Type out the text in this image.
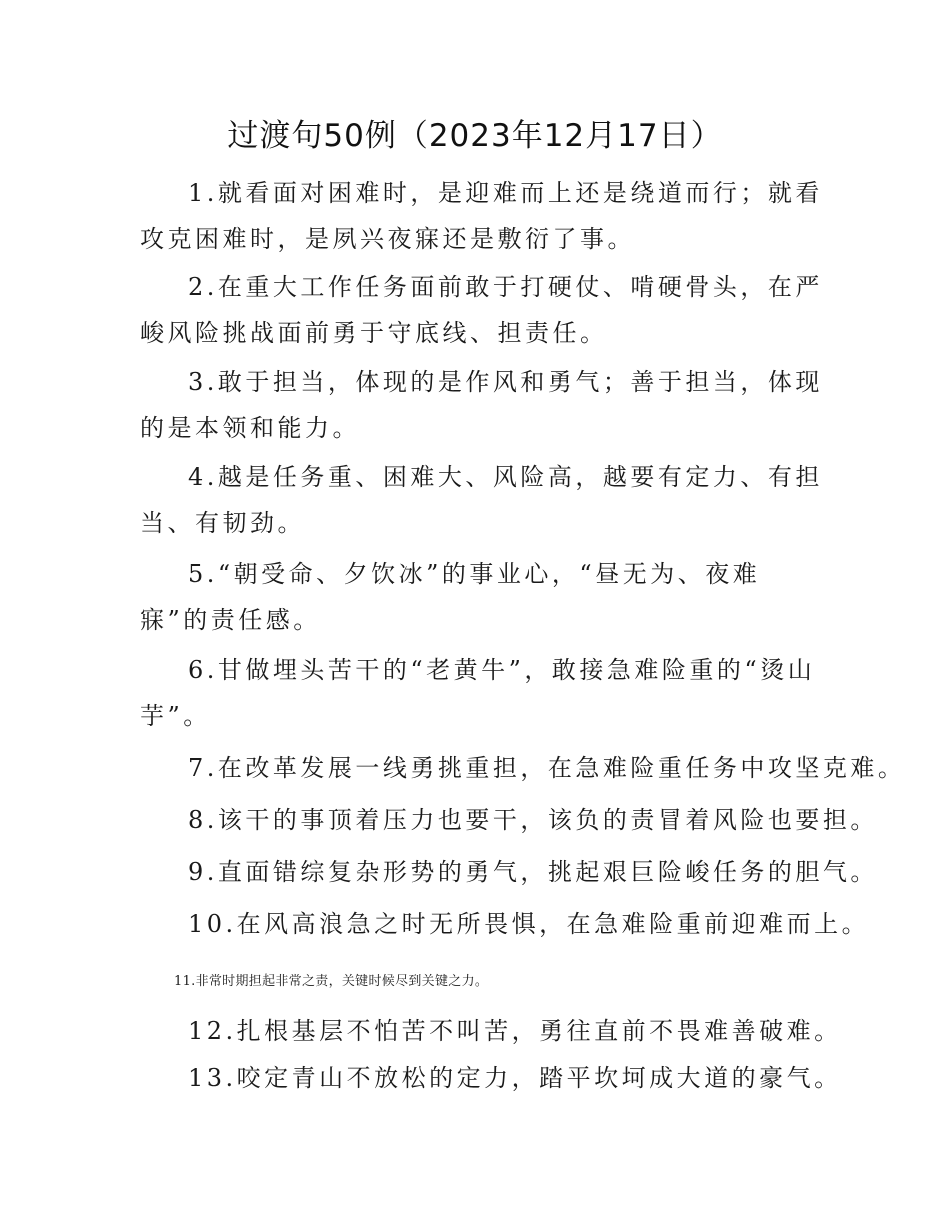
过渡句50例（2023年12月17日）

1.就看面对困难时，是迎难而上还是绕道而行；就看攻克困难时，是夙兴夜寐还是敷衍了事。

2.在重大工作任务面前敢于打硬仗、啃硬骨头，在严峻风险挑战面前勇于守底线、担责任。

3.敢于担当，体现的是作风和勇气；善于担当，体现的是本领和能力。

4.越是任务重、困难大、风险高，越要有定力、有担当、有韧劲。

5.“朝受命、夕饮冰”的事业心，“昼无为、夜难寐”的责任感。

6.甘做埋头苦干的“老黄牛”，敢接急难险重的“烫山芋”。

7.在改革发展一线勇挑重担，在急难险重任务中攻坚克难。

8.该干的事顶着压力也要干，该负的责冒着风险也要担。

9.直面错综复杂形势的勇气，挑起艰巨险峻任务的胆气。

10.在风高浪急之时无所畏惧，在急难险重前迎难而上。

11.非常时期担起非常之责，关键时候尽到关键之力。

12.扎根基层不怕苦不叫苦，勇往直前不畏难善破难。

13.咬定青山不放松的定力，踏平坎坷成大道的豪气。
